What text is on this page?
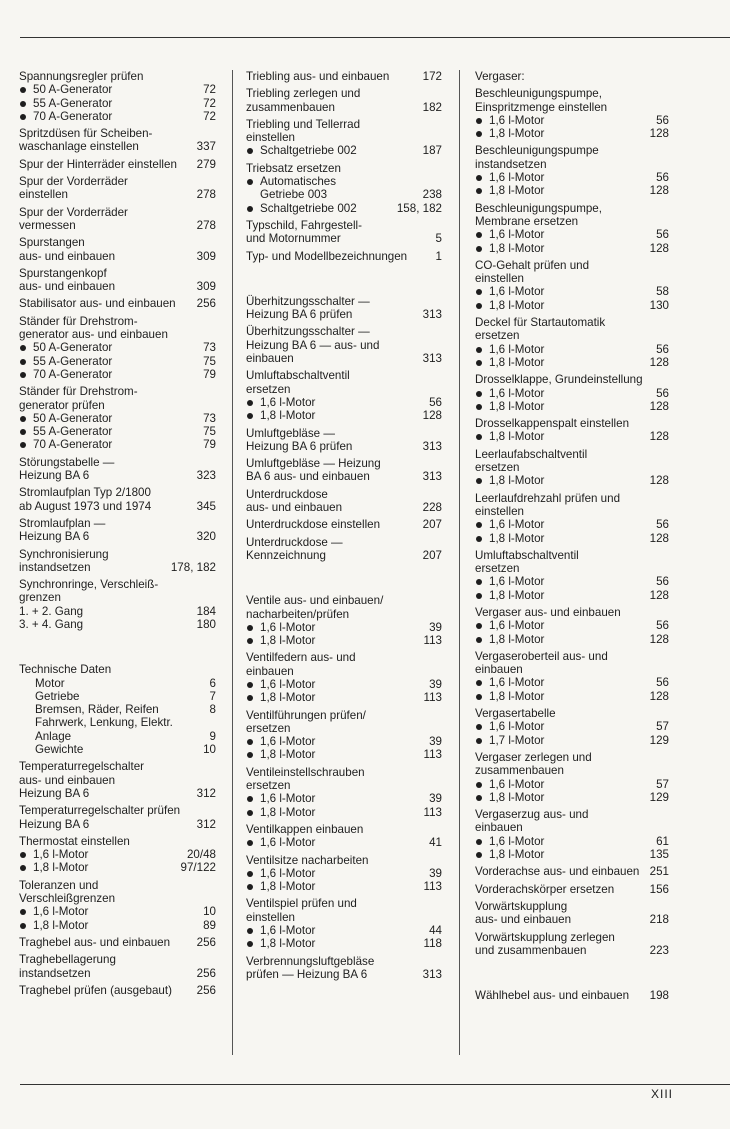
Spannungsregler prüfen
50 A-Generator	72
55 A-Generator	72
70 A-Generator	72
Spritzdüsen für Scheiben-
waschanlage einstellen	337
Spur der Hinterräder einstellen	279
Spur der Vorderräder
einstellen	278
Spur der Vorderräder
vermessen	278
Spurstangen
aus- und einbauen	309
Spurstangenkopf
aus- und einbauen	309
Stabilisator aus- und einbauen	256
Ständer für Drehstrom-
generator aus- und einbauen
50 A-Generator	73
55 A-Generator	75
70 A-Generator	79
Ständer für Drehstrom-
generator prüfen
50 A-Generator	73
55 A-Generator	75
70 A-Generator	79
Störungstabelle —
Heizung BA 6	323
Stromlaufplan Typ 2/1800
ab August 1973 und 1974	345
Stromlaufplan —
Heizung BA 6	320
Synchronisierung
instandsetzen	178, 182
Synchronringe, Verschleiß-
grenzen
1. + 2. Gang	184
3. + 4. Gang	180
Technische Daten
Motor	6
Getriebe	7
Bremsen, Räder, Reifen	8
Fahrwerk, Lenkung, Elektr.
Anlage	9
Gewichte	10
Temperaturregelschalter
aus- und einbauen
Heizung BA 6	312
Temperaturregelschalter prüfen
Heizung BA 6	312
Thermostat einstellen
1,6 l-Motor	20/48
1,8 l-Motor	97/122
Toleranzen und
Verschleißgrenzen
1,6 l-Motor	10
1,8 l-Motor	89
Traghebel aus- und einbauen	256
Traghebellagerung
instandsetzen	256
Traghebel prüfen (ausgebaut)	256
Triebling aus- und einbauen	172
Triebling zerlegen und
zusammenbauen	182
Triebling und Tellerrad
einstellen
Schaltgetriebe 002	187
Triebsatz ersetzen
Automatisches
Getriebe 003	238
Schaltgetriebe 002	158, 182
Typschild, Fahrgestell-
und Motornummer	5
Typ- und Modellbezeichnungen	1
Überhitzungsschalter —
Heizung BA 6 prüfen	313
Überhitzungsschalter —
Heizung BA 6 — aus- und
einbauen	313
Umluftabschaltventil
ersetzen
1,6 l-Motor	56
1,8 l-Motor	128
Umluftgebläse —
Heizung BA 6 prüfen	313
Umluftgebläse — Heizung
BA 6 aus- und einbauen	313
Unterdruckdose
aus- und einbauen	228
Unterdruckdose einstellen	207
Unterdruckdose —
Kennzeichnung	207
Ventile aus- und einbauen/
nacharbeiten/prüfen
1,6 l-Motor	39
1,8 l-Motor	113
Ventilfedern aus- und
einbauen
1,6 l-Motor	39
1,8 l-Motor	113
Ventilführungen prüfen/
ersetzen
1,6 l-Motor	39
1,8 l-Motor	113
Ventileinstellschrauben
ersetzen
1,6 l-Motor	39
1,8 l-Motor	113
Ventilkappen einbauen
1,6 l-Motor	41
Ventilsitze nacharbeiten
1,6 l-Motor	39
1,8 l-Motor	113
Ventilspiel prüfen und
einstellen
1,6 l-Motor	44
1,8 l-Motor	118
Verbrennungsluftgebläse
prüfen — Heizung BA 6	313
Vergaser:
Beschleunigungspumpe,
Einspritzmenge einstellen
1,6 l-Motor	56
1,8 l-Motor	128
Beschleunigungspumpe
instandsetzen
1,6 l-Motor	56
1,8 l-Motor	128
Beschleunigungspumpe,
Membrane ersetzen
1,6 l-Motor	56
1,8 l-Motor	128
CO-Gehalt prüfen und
einstellen
1,6 l-Motor	58
1,8 l-Motor	130
Deckel für Startautomatik
ersetzen
1,6 l-Motor	56
1,8 l-Motor	128
Drosselklappe, Grundeinstellung
1,6 l-Motor	56
1,8 l-Motor	128
Drosselkappenspalt einstellen
1,8 l-Motor	128
Leerlaufabschaltventil
ersetzen
1,8 l-Motor	128
Leerlaufdrehzahl prüfen und
einstellen
1,6 l-Motor	56
1,8 l-Motor	128
Umluftabschaltventil
ersetzen
1,6 l-Motor	56
1,8 l-Motor	128
Vergaser aus- und einbauen
1,6 l-Motor	56
1,8 l-Motor	128
Vergaseroberteil aus- und
einbauen
1,6 l-Motor	56
1,8 l-Motor	128
Vergasertabelle
1,6 l-Motor	57
1,7 l-Motor	129
Vergaser zerlegen und
zusammenbauen
1,6 l-Motor	57
1,8 l-Motor	129
Vergaserzug aus- und
einbauen
1,6 l-Motor	61
1,8 l-Motor	135
Vorderachse aus- und einbauen 251
Vorderachskörper ersetzen	156
Vorwärtskupplung
aus- und einbauen	218
Vorwärtskupplung zerlegen
und zusammenbauen	223
Wählhebel aus- und einbauen	198
XIII
